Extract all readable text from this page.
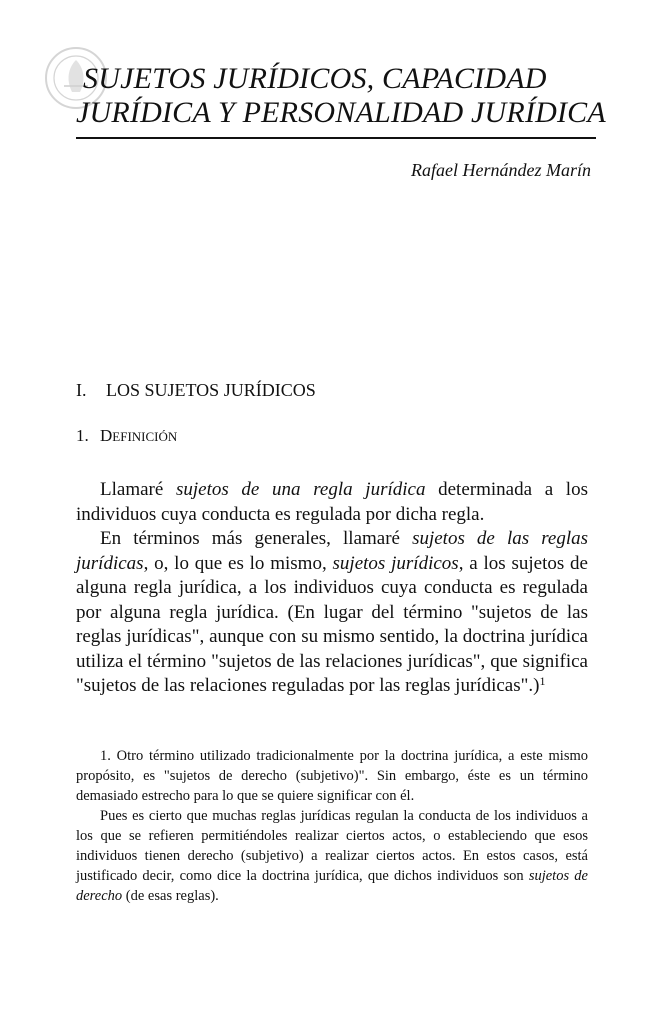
SUJETOS JURÍDICOS, CAPACIDAD
JURÍDICA Y PERSONALIDAD JURÍDICA
Rafael Hernández Marín
I. LOS SUJETOS JURÍDICOS
1. DEFINICIÓN

Llamaré sujetos de una regla jurídica determinada a los individuos cuya conducta es regulada por dicha regla.

En términos más generales, llamaré sujetos de las reglas jurídicas, o, lo que es lo mismo, sujetos jurídicos, a los sujetos de alguna regla jurídica, a los individuos cuya conducta es regulada por alguna regla jurídica. (En lugar del término "sujetos de las reglas jurídicas", aunque con su mismo sentido, la doctrina jurídica utiliza el término "sujetos de las relaciones jurídicas", que significa "sujetos de las relaciones reguladas por las reglas jurídicas".)$^1$

1. Otro término utilizado tradicionalmente por la doctrina jurídica, a este mismo propósito, es "sujetos de derecho (subjetivo)". Sin embargo, éste es un término demasiado estrecho para lo que se quiere significar con él.

Pues es cierto que muchas reglas jurídicas regulan la conducta de los individuos a los que se refieren permitiéndoles realizar ciertos actos, o estableciendo que esos individuos tienen derecho (subjetivo) a realizar ciertos actos. En estos casos, está justificado decir, como dice la doctrina jurídica, que dichos individuos son sujetos de derecho (de esas reglas).
